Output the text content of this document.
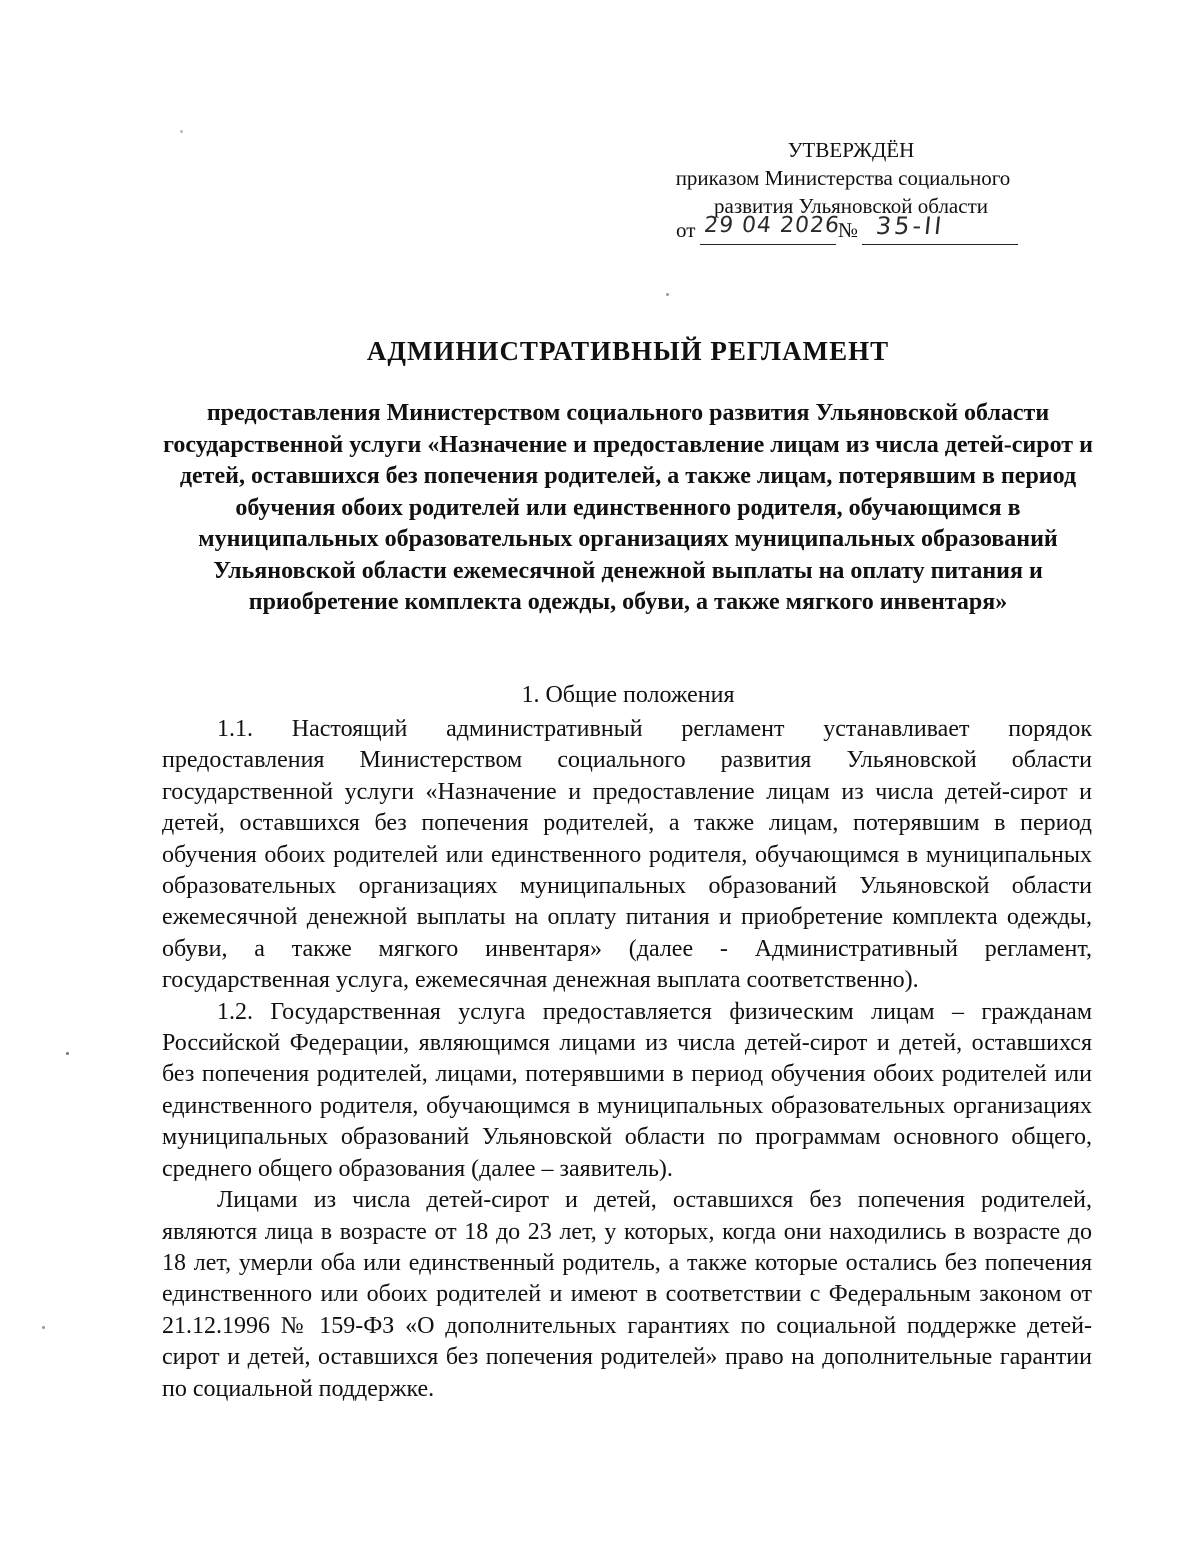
УТВЕРЖДЁН
приказом Министерства социального
развития Ульяновской области
от 29 04 2026
№ 35-II
АДМИНИСТРАТИВНЫЙ РЕГЛАМЕНТ
предоставления Министерством социального развития Ульяновской области государственной услуги «Назначение и предоставление лицам из числа детей-сирот и детей, оставшихся без попечения родителей, а также лицам, потерявшим в период обучения обоих родителей или единственного родителя, обучающимся в муниципальных образовательных организациях муниципальных образований Ульяновской области ежемесячной денежной выплаты на оплату питания и приобретение комплекта одежды, обуви, а также мягкого инвентаря»
1. Общие положения

1.1. Настоящий административный регламент устанавливает порядок предоставления Министерством социального развития Ульяновской области государственной услуги «Назначение и предоставление лицам из числа детей-сирот и детей, оставшихся без попечения родителей, а также лицам, потерявшим в период обучения обоих родителей или единственного родителя, обучающимся в муниципальных образовательных организациях муниципальных образований Ульяновской области ежемесячной денежной выплаты на оплату питания и приобретение комплекта одежды, обуви, а также мягкого инвентаря» (далее - Административный регламент, государственная услуга, ежемесячная денежная выплата соответственно).

1.2. Государственная услуга предоставляется физическим лицам – гражданам Российской Федерации, являющимся лицами из числа детей-сирот и детей, оставшихся без попечения родителей, лицами, потерявшими в период обучения обоих родителей или единственного родителя, обучающимся в муниципальных образовательных организациях муниципальных образований Ульяновской области по программам основного общего, среднего общего образования (далее – заявитель).

Лицами из числа детей-сирот и детей, оставшихся без попечения родителей, являются лица в возрасте от 18 до 23 лет, у которых, когда они находились в возрасте до 18 лет, умерли оба или единственный родитель, а также которые остались без попечения единственного или обоих родителей и имеют в соответствии с Федеральным законом от 21.12.1996 № 159-ФЗ «О дополнительных гарантиях по социальной поддержке детей-сирот и детей, оставшихся без попечения родителей» право на дополнительные гарантии по социальной поддержке.
